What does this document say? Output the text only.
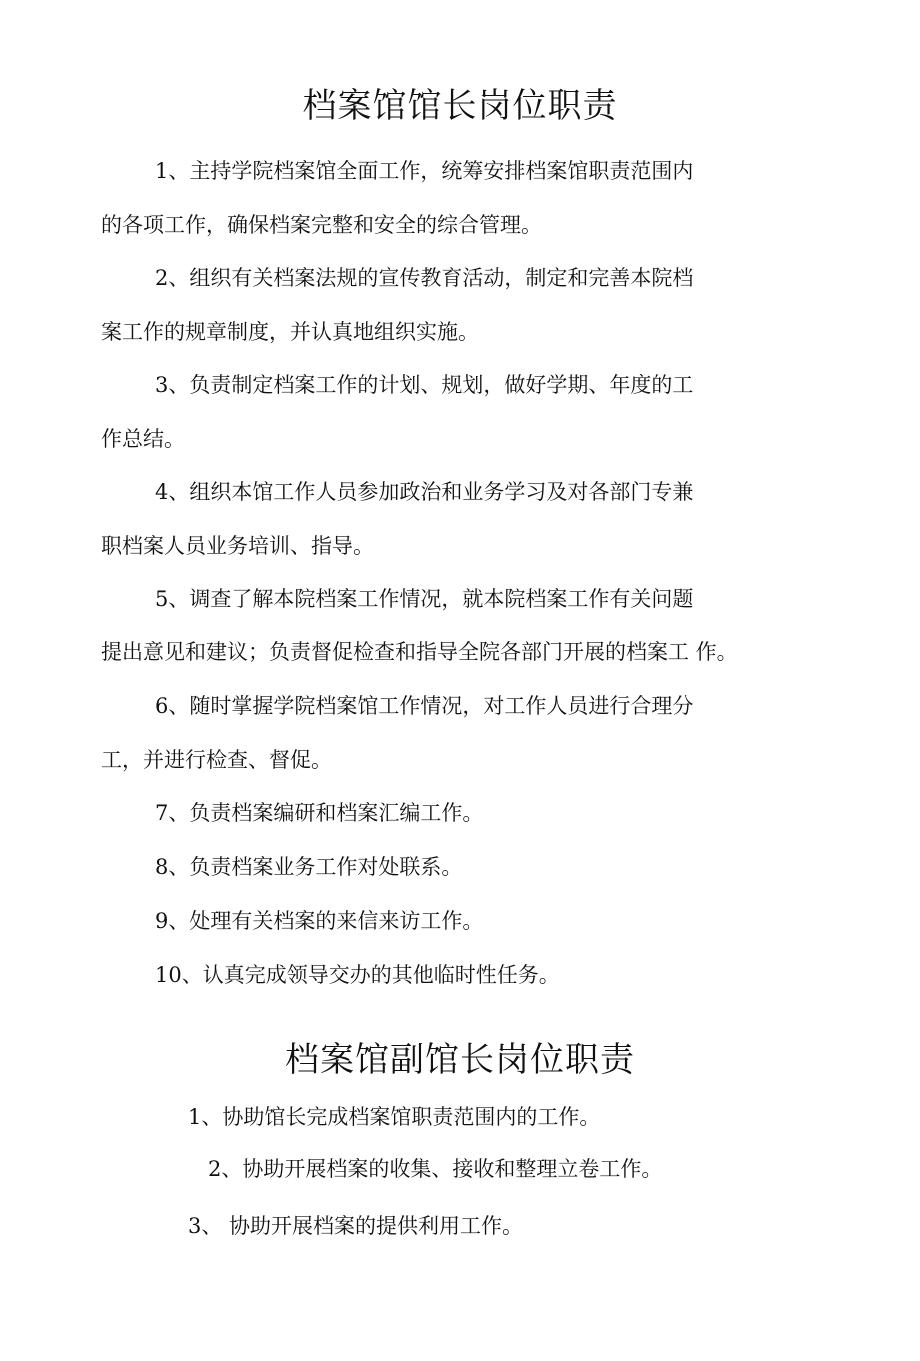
档案馆馆长岗位职责

1、主持学院档案馆全面工作，统筹安排档案馆职责范围内

的各项工作，确保档案完整和安全的综合管理。

2、组织有关档案法规的宣传教育活动，制定和完善本院档

案工作的规章制度，并认真地组织实施。

3、负责制定档案工作的计划、规划，做好学期、年度的工

作总结。

4、组织本馆工作人员参加政治和业务学习及对各部门专兼

职档案人员业务培训、指导。

5、调查了解本院档案工作情况，就本院档案工作有关问题

提出意见和建议；负责督促检查和指导全院各部门开展的档案工 作。

6、随时掌握学院档案馆工作情况，对工作人员进行合理分

工，并进行检查、督促。

7、负责档案编研和档案汇编工作。

8、负责档案业务工作对处联系。

9、处理有关档案的来信来访工作。

10、认真完成领导交办的其他临时性任务。

档案馆副馆长岗位职责

1、协助馆长完成档案馆职责范围内的工作。

2、协助开展档案的收集、接收和整理立卷工作。

3、 协助开展档案的提供利用工作。
